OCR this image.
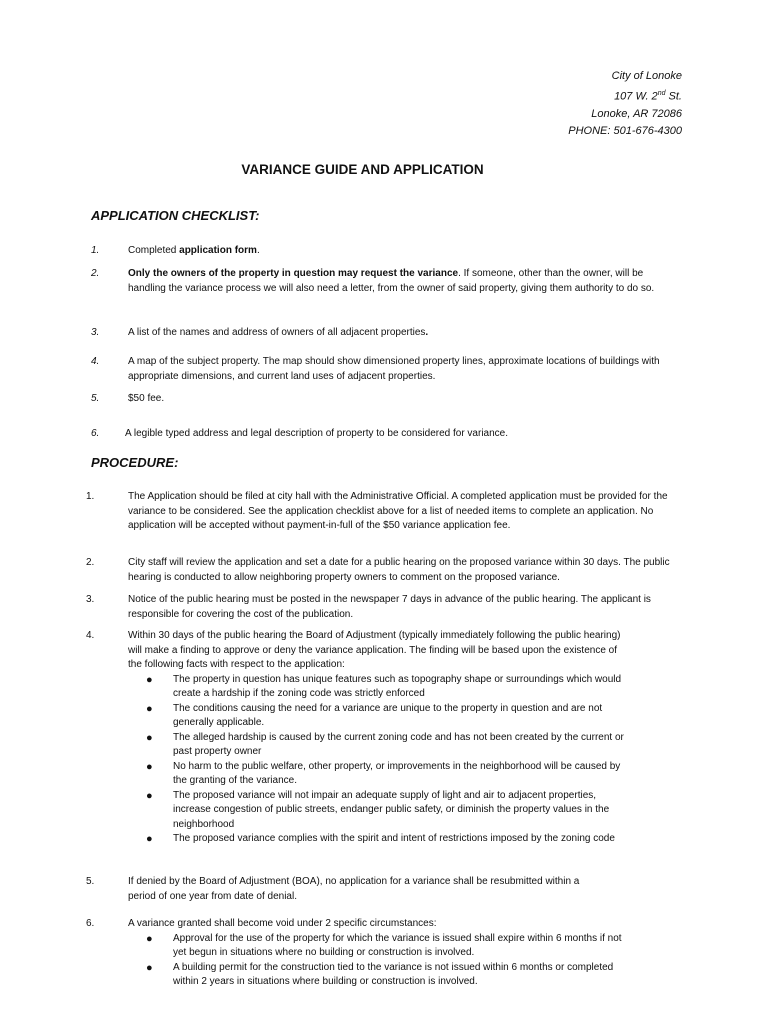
City of Lonoke
107 W. 2nd St.
Lonoke, AR 72086
PHONE: 501-676-4300
VARIANCE GUIDE AND APPLICATION
APPLICATION CHECKLIST:
1.	Completed application form.

2.	Only the owners of the property in question may request the variance. If someone, other than the owner, will be handling the variance process we will also need a letter, from the owner of said property, giving them authority to do so.

3.	A list of the names and address of owners of all adjacent properties.

4.	A map of the subject property. The map should show dimensioned property lines, approximate locations of buildings with appropriate dimensions, and current land uses of adjacent properties.

5.	$50 fee.

6.	A legible typed address and legal description of property to be considered for variance.

PROCEDURE:
1.	The Application should be filed at city hall with the Administrative Official. A completed application must be provided for the variance to be considered. See the application checklist above for a list of needed items to complete an application. No application will be accepted without payment-in-full of the $50 variance application fee.

2.	City staff will review the application and set a date for a public hearing on the proposed variance within 30 days. The public hearing is conducted to allow neighboring property owners to comment on the proposed variance.

3.	Notice of the public hearing must be posted in the newspaper 7 days in advance of the public hearing. The applicant is responsible for covering the cost of the publication.

4.	Within 30 days of the public hearing the Board of Adjustment (typically immediately following the public hearing) will make a finding to approve or deny the variance application. The finding will be based upon the existence of the following facts with respect to the application:

● The property in question has unique features such as topography shape or surroundings which would create a hardship if the zoning code was strictly enforced
● The conditions causing the need for a variance are unique to the property in question and are not generally applicable.
● The alleged hardship is caused by the current zoning code and has not been created by the current or past property owner
● No harm to the public welfare, other property, or improvements in the neighborhood will be caused by the granting of the variance.
● The proposed variance will not impair an adequate supply of light and air to adjacent properties, increase congestion of public streets, endanger public safety, or diminish the property values in the neighborhood
● The proposed variance complies with the spirit and intent of restrictions imposed by the zoning code
5.	If denied by the Board of Adjustment (BOA), no application for a variance shall be resubmitted within a period of one year from date of denial.

6.	A variance granted shall become void under 2 specific circumstances:

● Approval for the use of the property for which the variance is issued shall expire within 6 months if not yet begun in situations where no building or construction is involved.
● A building permit for the construction tied to the variance is not issued within 6 months or completed within 2 years in situations where building or construction is involved.
